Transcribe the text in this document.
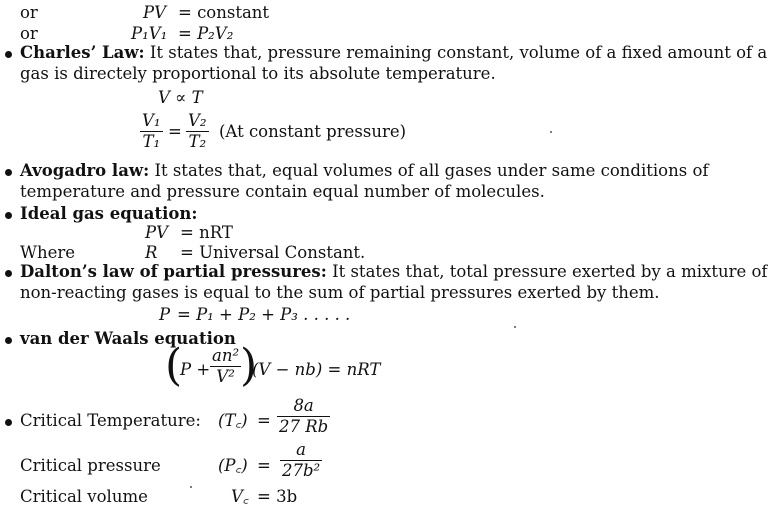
or	PV = constant
or	P₁V₁ = P₂V₂
Charles’ Law: It states that, pressure remaining constant, volume of a fixed amount of a
gas is directely proportional to its absolute temperature.
V ∝ T
V₁
T₁
=
V₂
T₂
(At constant pressure)
Avogadro law: It states that, equal volumes of all gases under same conditions of
temperature and pressure contain equal number of molecules.
Ideal gas equation:
PV = nRT
Where	R = Universal Constant.
Dalton’s law of partial pressures: It states that, total pressure exerted by a mixture of
non-reacting gases is equal to the sum of partial pressures exerted by them.
P = P₁ + P₂ + P₃ . . . . .
van der Waals equation
(
P +
an²
V² )
(V − nb) = nRT
Critical Temperature: (T꜀) =
8a
27 Rb
Critical pressure	(P꜀) =
a
27b²
Critical volume	V꜀ = 3b
